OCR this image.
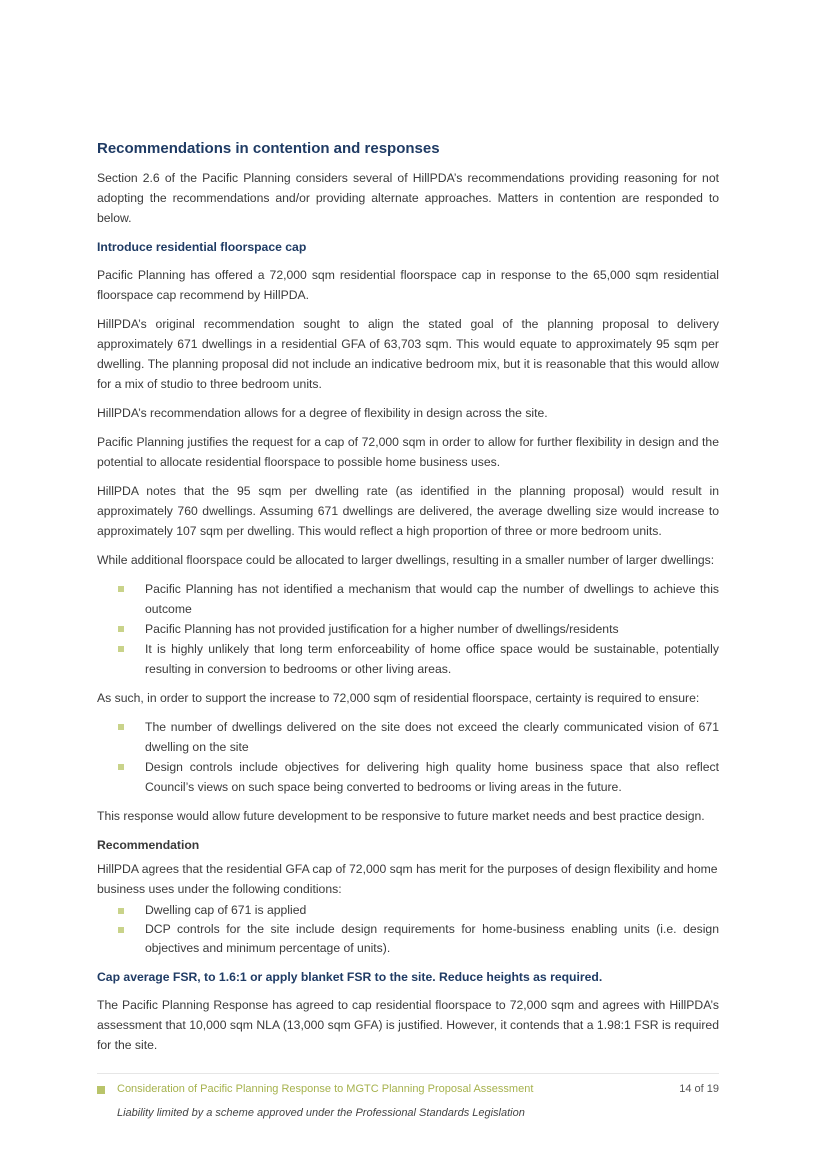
Recommendations in contention and responses

Section 2.6 of the Pacific Planning considers several of HillPDA’s recommendations providing reasoning for not adopting the recommendations and/or providing alternate approaches. Matters in contention are responded to below.

Introduce residential floorspace cap

Pacific Planning has offered a 72,000 sqm residential floorspace cap in response to the 65,000 sqm residential floorspace cap recommend by HillPDA.

HillPDA’s original recommendation sought to align the stated goal of the planning proposal to delivery approximately 671 dwellings in a residential GFA of 63,703 sqm. This would equate to approximately 95 sqm per dwelling. The planning proposal did not include an indicative bedroom mix, but it is reasonable that this would allow for a mix of studio to three bedroom units.

HillPDA’s recommendation allows for a degree of flexibility in design across the site.

Pacific Planning justifies the request for a cap of 72,000 sqm in order to allow for further flexibility in design and the potential to allocate residential floorspace to possible home business uses.

HillPDA notes that the 95 sqm per dwelling rate (as identified in the planning proposal) would result in approximately 760 dwellings. Assuming 671 dwellings are delivered, the average dwelling size would increase to approximately 107 sqm per dwelling. This would reflect a high proportion of three or more bedroom units.

While additional floorspace could be allocated to larger dwellings, resulting in a smaller number of larger dwellings:

Pacific Planning has not identified a mechanism that would cap the number of dwellings to achieve this outcome
Pacific Planning has not provided justification for a higher number of dwellings/residents
It is highly unlikely that long term enforceability of home office space would be sustainable, potentially resulting in conversion to bedrooms or other living areas.

As such, in order to support the increase to 72,000 sqm of residential floorspace, certainty is required to ensure:

The number of dwellings delivered on the site does not exceed the clearly communicated vision of 671 dwelling on the site
Design controls include objectives for delivering high quality home business space that also reflect Council’s views on such space being converted to bedrooms or living areas in the future.

This response would allow future development to be responsive to future market needs and best practice design.

Recommendation

HillPDA agrees that the residential GFA cap of 72,000 sqm has merit for the purposes of design flexibility and home business uses under the following conditions:

Dwelling cap of 671 is applied
DCP controls for the site include design requirements for home-business enabling units (i.e. design objectives and minimum percentage of units).
Cap average FSR, to 1.6:1 or apply blanket FSR to the site. Reduce heights as required.

The Pacific Planning Response has agreed to cap residential floorspace to 72,000 sqm and agrees with HillPDA’s assessment that 10,000 sqm NLA (13,000 sqm GFA) is justified. However, it contends that a 1.98:1 FSR is required for the site.

Consideration of Pacific Planning Response to MGTC Planning Proposal Assessment	14 of 19
Liability limited by a scheme approved under the Professional Standards Legislation
